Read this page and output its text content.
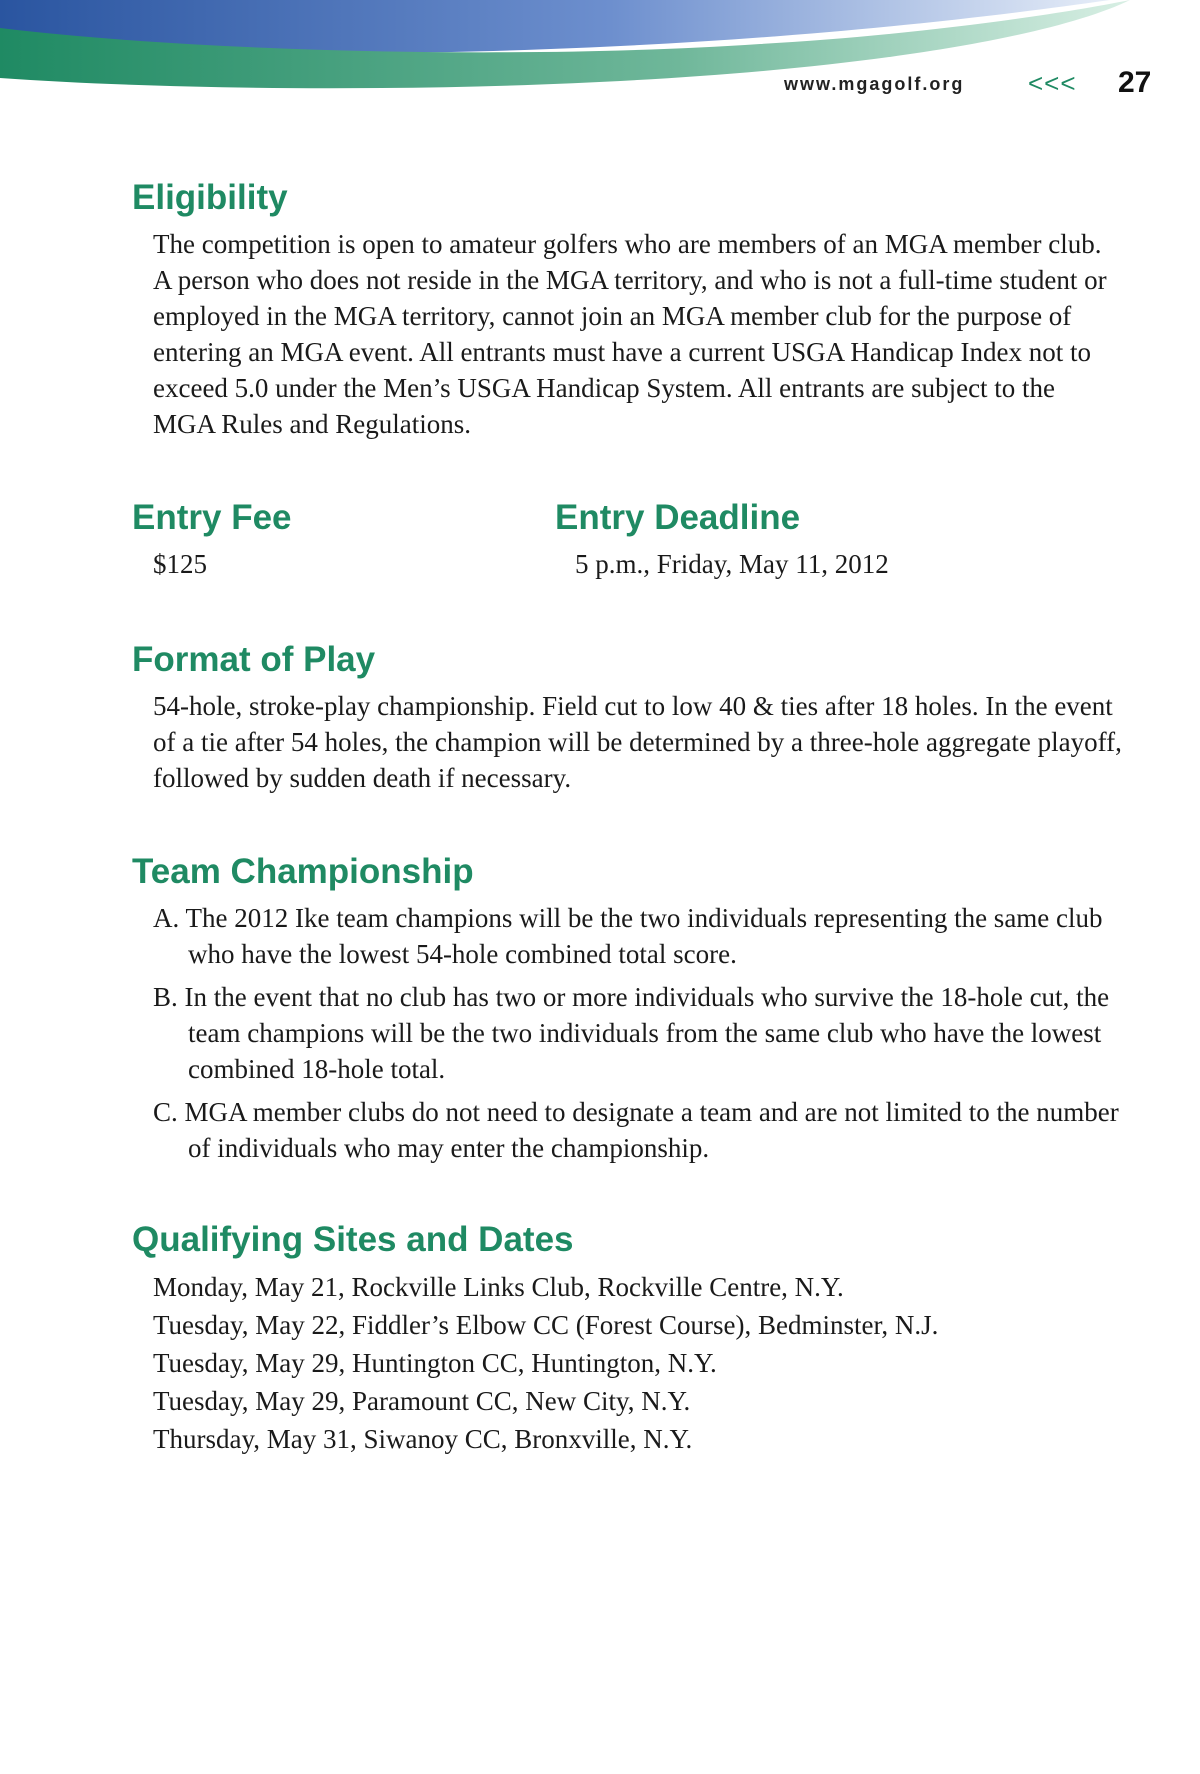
www.mgagolf.org <<< 27
Eligibility

The competition is open to amateur golfers who are members of an MGA member club. A person who does not reside in the MGA territory, and who is not a full-time student or employed in the MGA territory, cannot join an MGA member club for the purpose of entering an MGA event. All entrants must have a current USGA Handicap Index not to exceed 5.0 under the Men’s USGA Handicap System. All entrants are subject to the MGA Rules and Regulations.

Entry Fee

$125

Entry Deadline

5 p.m., Friday, May 11, 2012

Format of Play

54-hole, stroke-play championship. Field cut to low 40 & ties after 18 holes. In the event of a tie after 54 holes, the champion will be determined by a three-hole aggregate playoff, followed by sudden death if necessary.

Team Championship
A. The 2012 Ike team champions will be the two individuals representing the same club who have the lowest 54-hole combined total score.
B. In the event that no club has two or more individuals who survive the 18-hole cut, the team champions will be the two individuals from the same club who have the lowest combined 18-hole total.
C. MGA member clubs do not need to designate a team and are not limited to the number of individuals who may enter the championship.
Qualifying Sites and Dates
Monday, May 21, Rockville Links Club, Rockville Centre, N.Y.
Tuesday, May 22, Fiddler’s Elbow CC (Forest Course), Bedminster, N.J.
Tuesday, May 29, Huntington CC, Huntington, N.Y.
Tuesday, May 29, Paramount CC, New City, N.Y.
Thursday, May 31, Siwanoy CC, Bronxville, N.Y.
